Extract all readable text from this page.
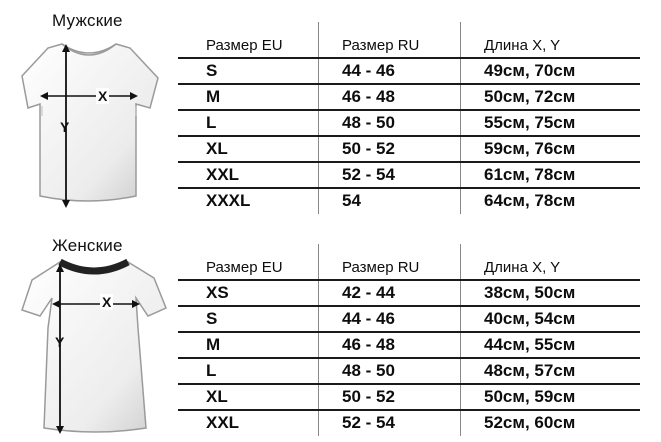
Мужские
X
Y
Размер EU	Размер RU	Длина X, Y
S	44 - 46	49см, 70см
M	46 - 48	50см, 72см
L	48 - 50	55см, 75см
XL	50 - 52	59см, 76см
XXL	52 - 54	61см, 78см
XXXL	54	64см, 78см
Женские
X
Y
Размер EU	Размер RU	Длина X, Y
XS	42 - 44	38см, 50см
S	44 - 46	40см, 54см
M	46 - 48	44см, 55см
L	48 - 50	48см, 57см
XL	50 - 52	50см, 59см
XXL	52 - 54	52см, 60см
